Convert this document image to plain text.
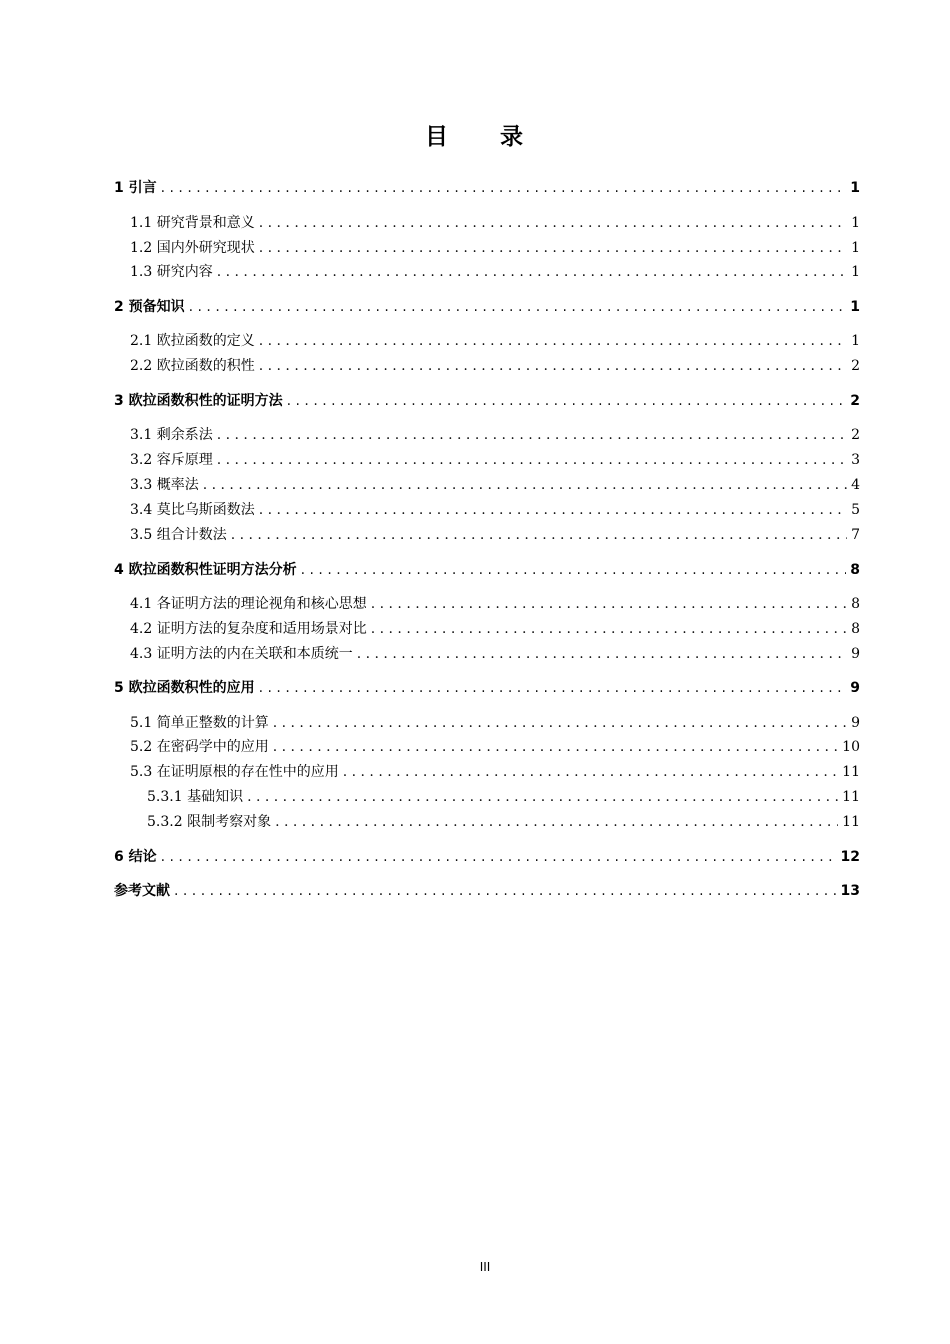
目 录
1 引言 . . .	1
1.1 研究背景和意义 . . .	1
1.2 国内外研究现状 . . .	1
1.3 研究内容 . . .	1
2 预备知识 . . .	1
2.1 欧拉函数的定义 . . .	1
2.2 欧拉函数的积性 . . .	2
3 欧拉函数积性的证明方法 . . .	2
3.1 剩余系法 . . .	2
3.2 容斥原理 . . .	3
3.3 概率法 . . .	4
3.4 莫比乌斯函数法 . . .	5
3.5 组合计数法 . . .	7
4 欧拉函数积性证明方法分析 . . .	8
4.1 各证明方法的理论视角和核心思想 . . .	8
4.2 证明方法的复杂度和适用场景对比 . . .	8
4.3 证明方法的内在关联和本质统一 . . .	9
5 欧拉函数积性的应用 . . .	9
5.1 简单正整数的计算 . . .	9
5.2 在密码学中的应用 . . .	10
5.3 在证明原根的存在性中的应用 . . .	11
5.3.1 基础知识 . . .	11
5.3.2 限制考察对象 . . .	11
6 结论 . . .	12
参考文献 . . .	13
III
